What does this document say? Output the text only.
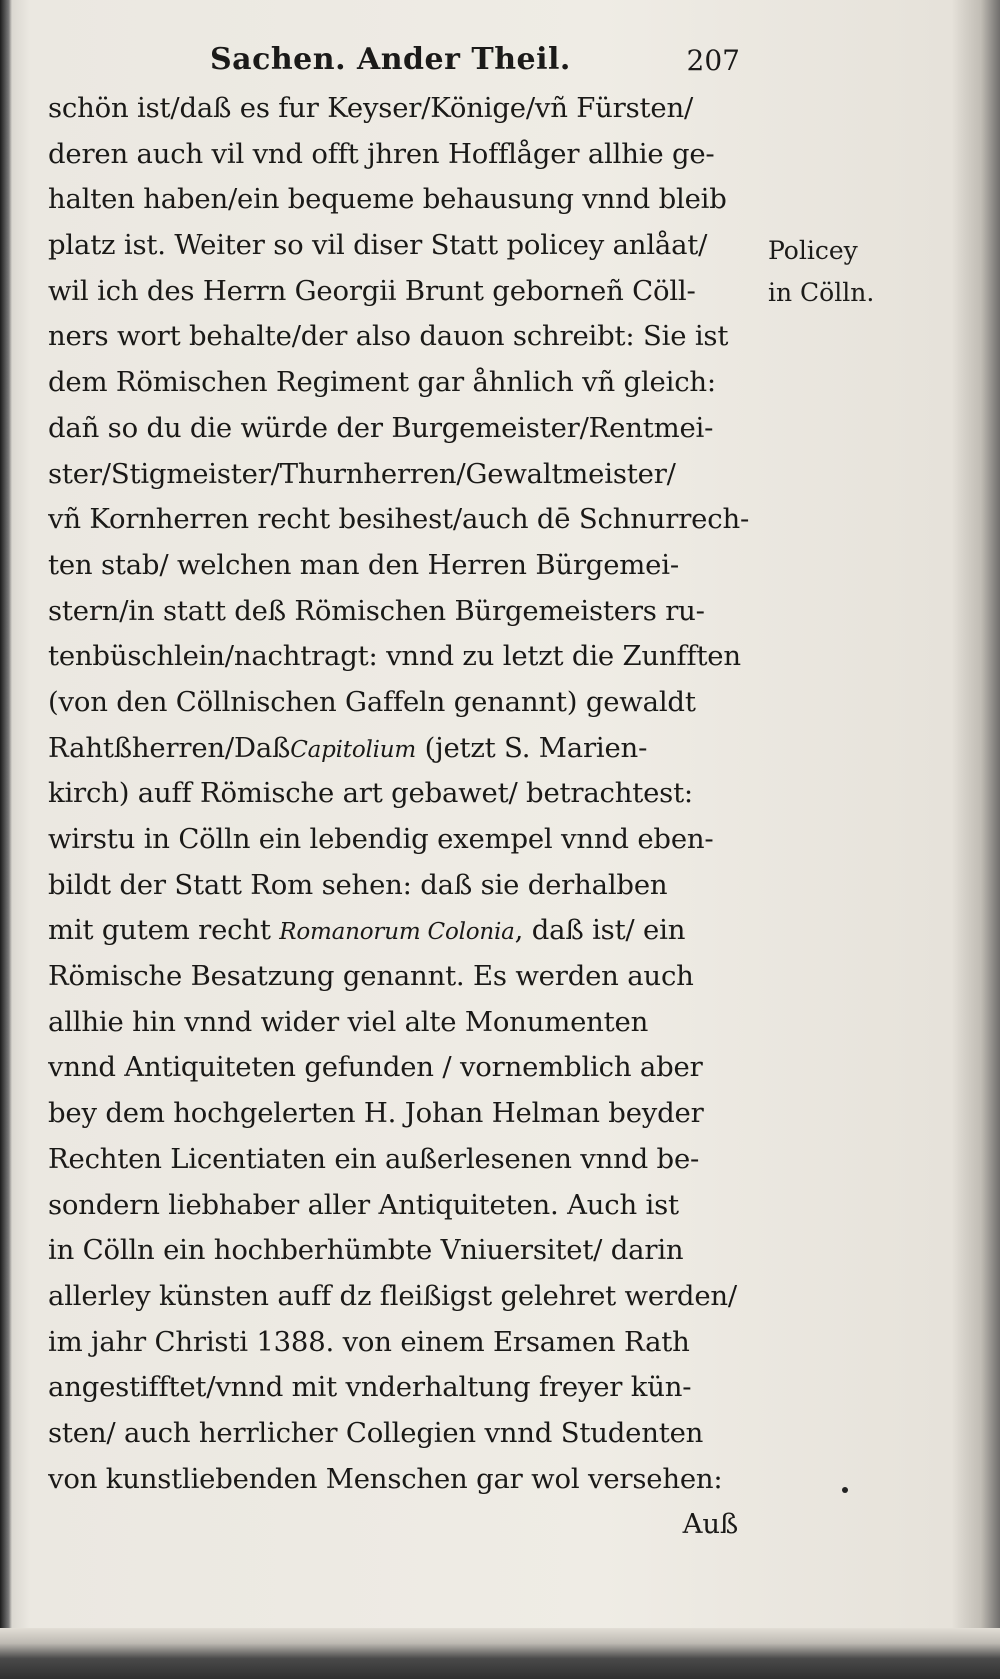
Sachen. Ander Theil.	207
schön ist/daß es fur Keyser/Könige/vñ Fürsten/
deren auch vil vnd offt jhren Hofflåger allhie ge-
halten haben/ein bequeme behausung vnnd bleib
platz ist. Weiter so vil diser Statt policey anlåat/
wil ich des Herrn Georgii Brunt geborneñ Cöll-
ners wort behalte/der also dauon schreibt: Sie ist
dem Römischen Regiment gar åhnlich vñ gleich:
dañ so du die würde der Burgemeister/Rentmei-
ster/Stigmeister/Thurnherren/Gewaltmeister/
vñ Kornherren recht besihest/auch dē Schnurrech-
ten stab/ welchen man den Herren Bürgemei-
stern/in statt deß Römischen Bürgemeisters ru-
tenbüschlein/nachtragt: vnnd zu letzt die Zunfften
(von den Cöllnischen Gaffeln genannt) gewaldt
Rahtßherren/DaßCapitolium (jetzt S. Marien-
kirch) auff Römische art gebawet/ betrachtest:
wirstu in Cölln ein lebendig exempel vnnd eben-
bildt der Statt Rom sehen: daß sie derhalben
mit gutem recht Romanorum Colonia, daß ist/ ein
Römische Besatzung genannt. Es werden auch
allhie hin vnnd wider viel alte Monumenten
vnnd Antiquiteten gefunden / vornemblich aber
bey dem hochgelerten H. Johan Helman beyder
Rechten Licentiaten ein außerlesenen vnnd be-
sondern liebhaber aller Antiquiteten. Auch ist
in Cölln ein hochberhümbte Vniuersitet/ darin
allerley künsten auff dz fleißigst gelehret werden/
im jahr Christi 1388. von einem Ersamen Rath
angestifftet/vnnd mit vnderhaltung freyer kün-
sten/ auch herrlicher Collegien vnnd Studenten
von kunstliebenden Menschen gar wol versehen:
Auß
Policey
in Cölln.
